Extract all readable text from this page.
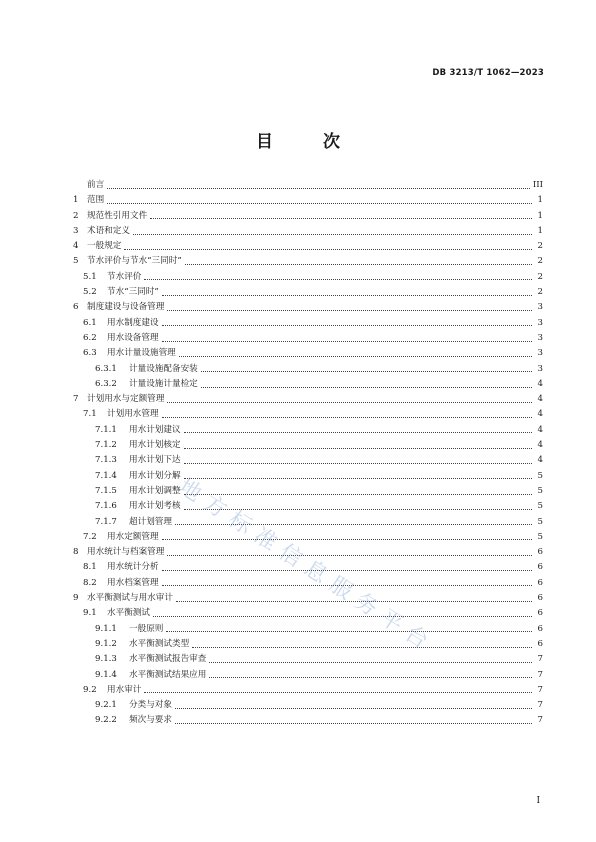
DB 3213/T 1062—2023
目 次
前言	III
1 范围	1
2 规范性引用文件	1
3 术语和定义	1
4 一般规定	2
5 节水评价与节水“三同时”	2
5.1	节水评价	2
5.2	节水“三同时”	2
6 制度建设与设备管理	3
6.1	用水制度建设	3
6.2	用水设备管理	3
6.3	用水计量设施管理	3
6.3.1	计量设施配备安装	3
6.3.2	计量设施计量检定	4
7 计划用水与定额管理	4
7.1	计划用水管理	4
7.1.1	用水计划建议	4
7.1.2	用水计划核定	4
7.1.3	用水计划下达	4
7.1.4	用水计划分解	5
7.1.5	用水计划调整	5
7.1.6	用水计划考核	5
7.1.7	超计划管理	5
7.2	用水定额管理	5
8 用水统计与档案管理	6
8.1	用水统计分析	6
8.2	用水档案管理	6
9 水平衡测试与用水审计	6
9.1	水平衡测试	6
9.1.1	一般原则	6
9.1.2	水平衡测试类型	6
9.1.3	水平衡测试报告审查	7
9.1.4	水平衡测试结果应用	7
9.2	用水审计	7
9.2.1	分类与对象	7
9.2.2	频次与要求	7
I
地方标准信息服务平台
